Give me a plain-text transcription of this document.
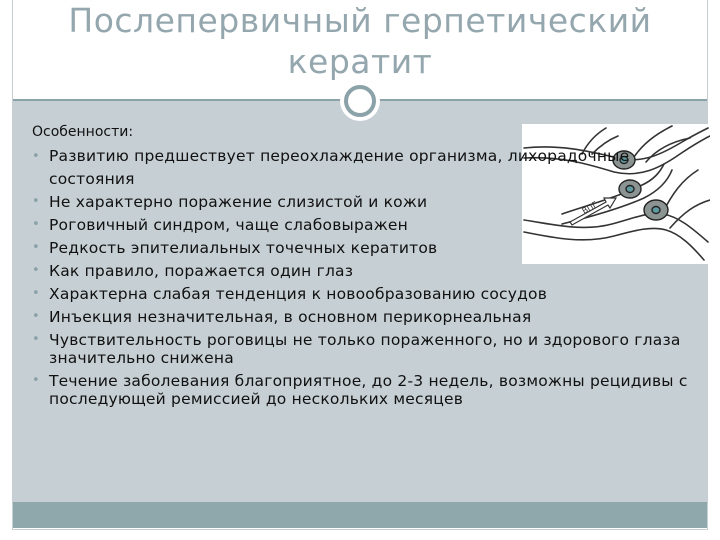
Послепервичный герпетический
кератит
ВПГ

Особенности:

• Развитию предшествует переохлаждение организма, лихорадочные состояния
• Не характерно поражение слизистой и кожи
• Роговичный синдром, чаще слабовыражен
• Редкость эпителиальных точечных кератитов
• Как правило, поражается один глаз
• Характерна слабая тенденция к новообразованию сосудов
• Инъекция незначительная, в основном перикорнеальная
• Чувствительность роговицы не только пораженного, но и здорового глаза значительно снижена
• Течение заболевания благоприятное, до 2-3 недель, возможны рецидивы с последующей ремиссией до нескольких месяцев
